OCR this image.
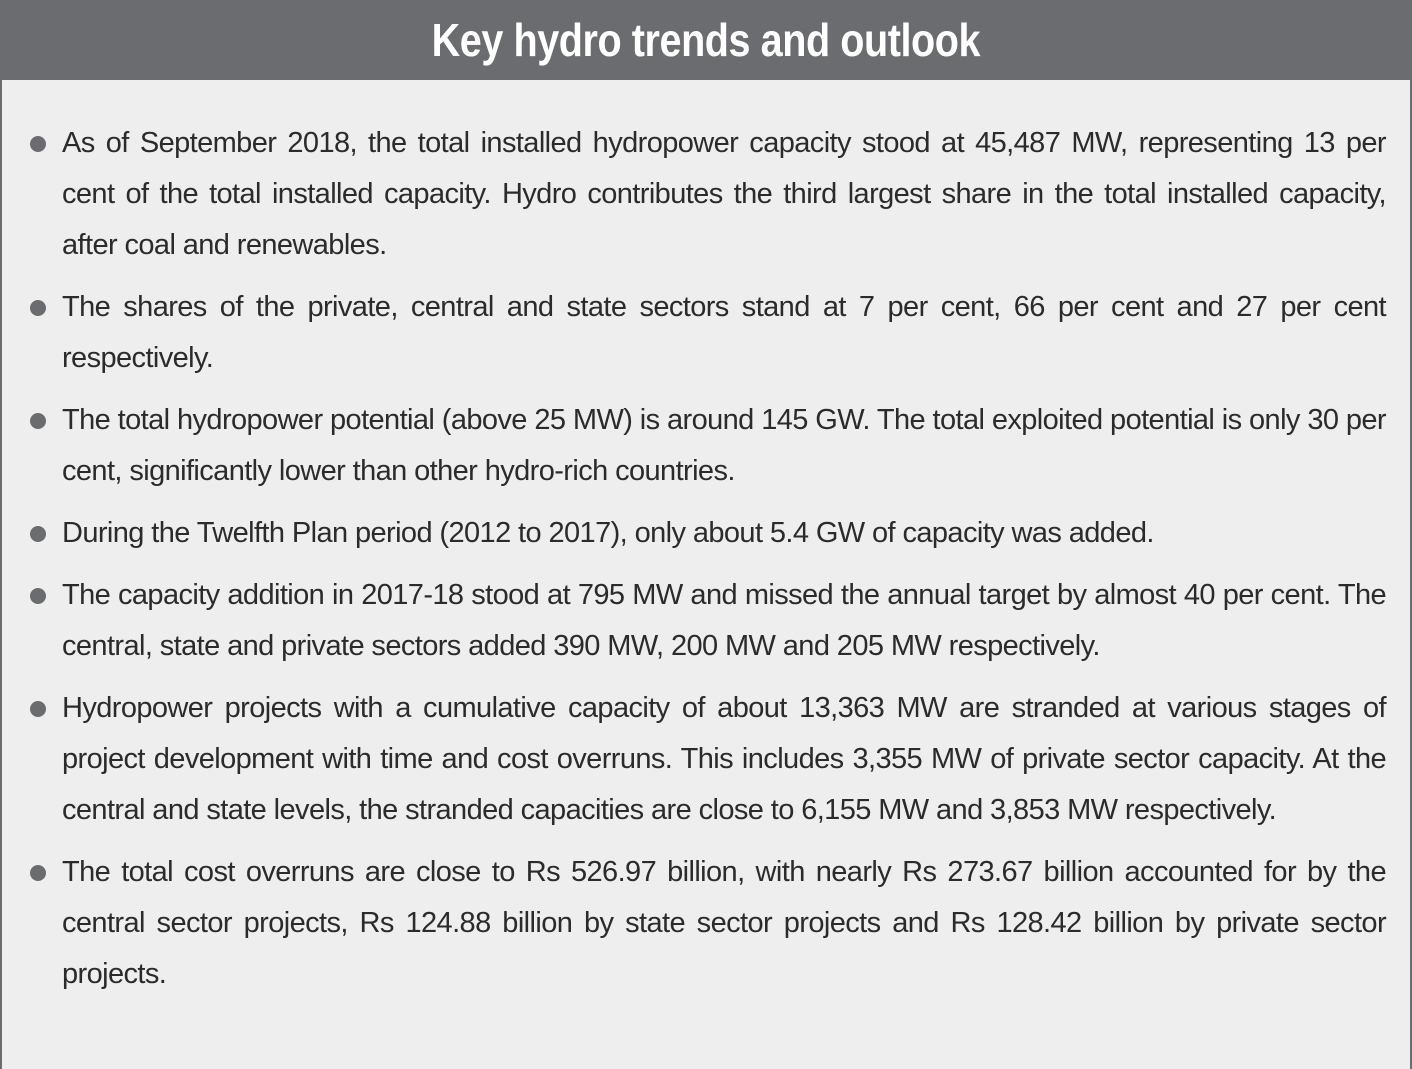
Key hydro trends and outlook
As of September 2018, the total installed hydropower capacity stood at 45,487 MW, representing 13 per cent of the total installed capacity. Hydro contributes the third largest share in the total installed capacity, after coal and renewables.
The shares of the private, central and state sectors stand at 7 per cent, 66 per cent and 27 per cent respectively.
The total hydropower potential (above 25 MW) is around 145 GW. The total exploited potential is only 30 per cent, significantly lower than other hydro-rich countries.
During the Twelfth Plan period (2012 to 2017), only about 5.4 GW of capacity was added.
The capacity addition in 2017-18 stood at 795 MW and missed the annual target by almost 40 per cent. The central, state and private sectors added 390 MW, 200 MW and 205 MW respectively.
Hydropower projects with a cumulative capacity of about 13,363 MW are stranded at various stages of project development with time and cost overruns. This includes 3,355 MW of private sector capacity. At the central and state levels, the stranded capacities are close to 6,155 MW and 3,853 MW respectively.
The total cost overruns are close to Rs 526.97 billion, with nearly Rs 273.67 billion accounted for by the central sector projects, Rs 124.88 billion by state sector projects and Rs 128.42 billion by private sector projects.
